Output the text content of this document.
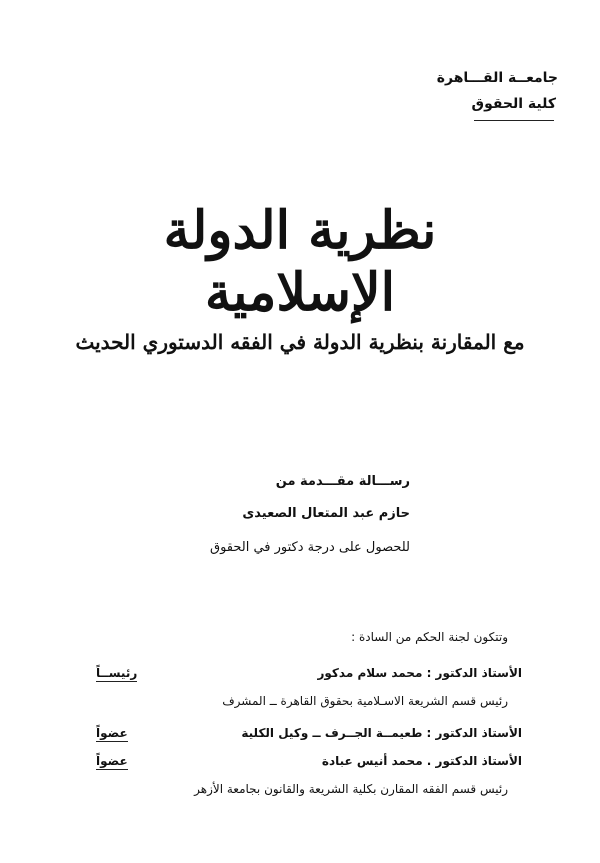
جامعــة القـــاهرة
كلية الحقوق
نظرية الدولة الإسلامية
مع المقارنة بنظرية الدولة في الفقه الدستوري الحديث
رســـالة مقـــدمة من
حازم عبد المتعال الصعيدى
للحصول على درجة دكتور في الحقوق
وتتكون لجنة الحكم من السادة :
الأستاذ الدكتور : محمد سلام مدكور
رئيســاً
رئيس قسم الشريعة الاسـلامية بحقوق القاهرة ــ المشرف
الأستاذ الدكتور : طعيمــة الجــرف ــ وكيل الكلية
عضواً
الأستاذ الدكتور . محمد أنيس عبادة
عضواً
رئيس قسم الفقه المقارن بكلية الشريعة والقانون بجامعة الأزهر
